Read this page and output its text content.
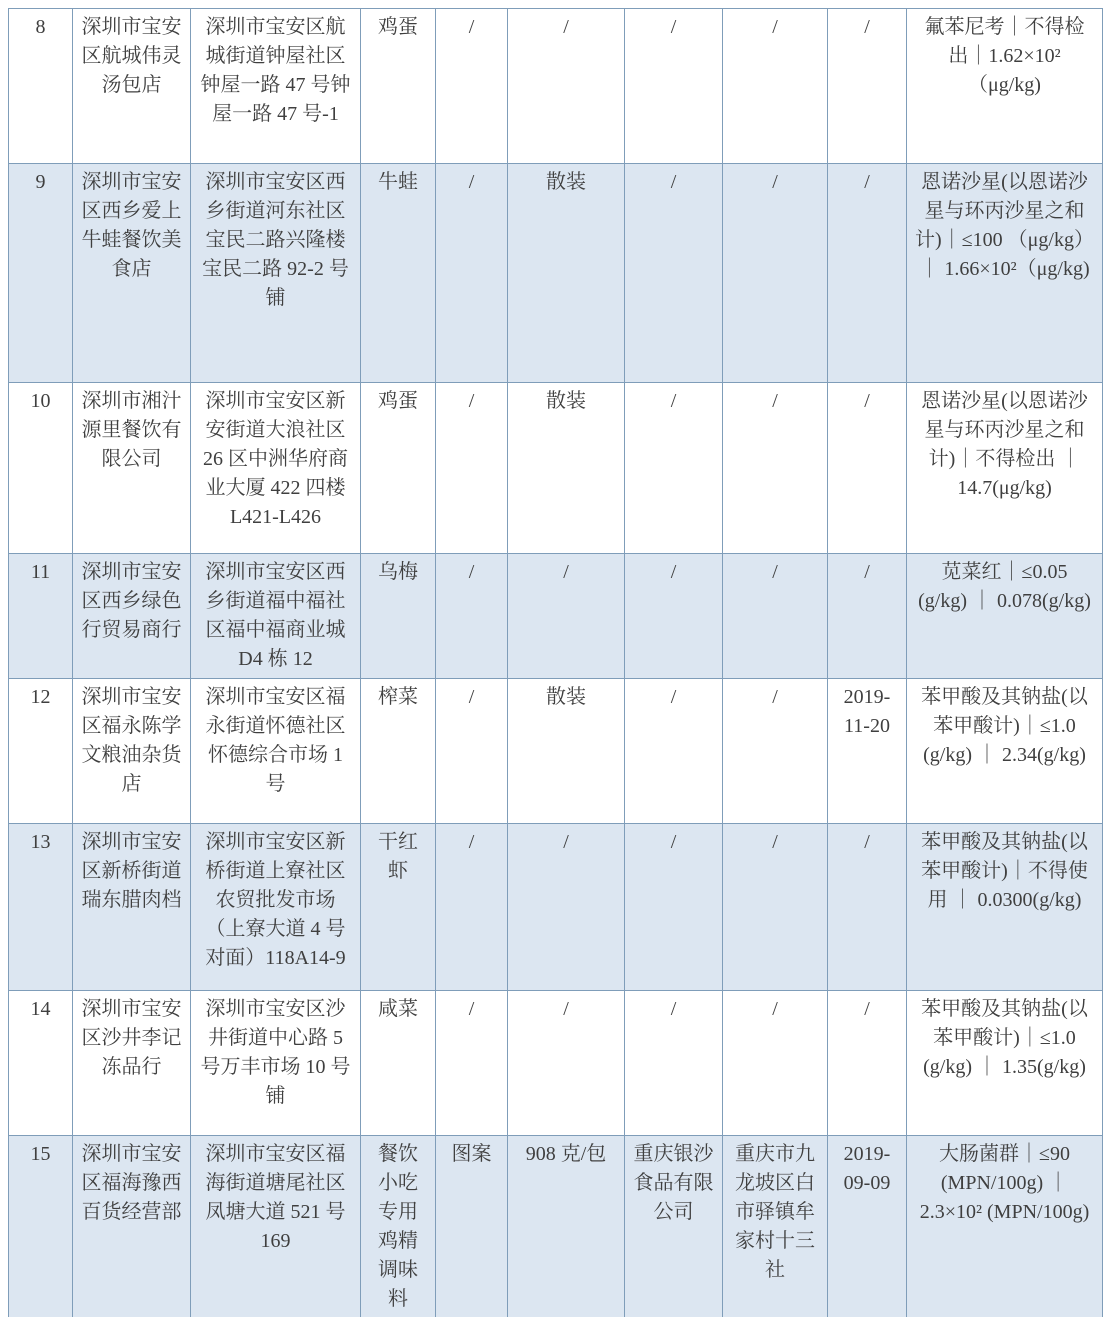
8	深圳市宝安区航城伟灵汤包店	深圳市宝安区航城街道钟屋社区钟屋一路 47 号钟屋一路 47 号-1	鸡蛋	/	/	/	/	/	氟苯尼考｜不得检出｜1.62×10²（μg/kg)
9	深圳市宝安区西乡爱上牛蛙餐饮美食店	深圳市宝安区西乡街道河东社区宝民二路兴隆楼宝民二路 92-2 号铺	牛蛙	/	散装	/	/	/	恩诺沙星(以恩诺沙星与环丙沙星之和计)｜≤100 （μg/kg） ｜ 1.66×10²（μg/kg)
10	深圳市湘汁源里餐饮有限公司	深圳市宝安区新安街道大浪社区 26 区中洲华府商业大厦 422 四楼 L421-L426	鸡蛋	/	散装	/	/	/	恩诺沙星(以恩诺沙星与环丙沙星之和计)｜不得检出 ｜14.7(μg/kg)
11	深圳市宝安区西乡绿色行贸易商行	深圳市宝安区西乡街道福中福社区福中福商业城 D4 栋 12	乌梅	/	/	/	/	/	苋菜红｜≤0.05 (g/kg) ｜ 0.078(g/kg)
12	深圳市宝安区福永陈学文粮油杂货店	深圳市宝安区福永街道怀德社区怀德综合市场 1 号	榨菜	/	散装	/	/	2019-11-20	苯甲酸及其钠盐(以苯甲酸计)｜≤1.0 (g/kg) ｜ 2.34(g/kg)
13	深圳市宝安区新桥街道瑞东腊肉档	深圳市宝安区新桥街道上寮社区农贸批发市场（上寮大道 4 号对面）118A14-9	干红虾	/	/	/	/	/	苯甲酸及其钠盐(以苯甲酸计)｜不得使用 ｜ 0.0300(g/kg)
14	深圳市宝安区沙井李记冻品行	深圳市宝安区沙井街道中心路 5 号万丰市场 10 号铺	咸菜	/	/	/	/	/	苯甲酸及其钠盐(以苯甲酸计)｜≤1.0 (g/kg) ｜ 1.35(g/kg)
15	深圳市宝安区福海豫西百货经营部	深圳市宝安区福海街道塘尾社区凤塘大道 521 号 169	餐饮小吃专用鸡精调味料	图案	908 克/包	重庆银沙食品有限公司	重庆市九龙坡区白市驿镇牟家村十三社	2019-09-09	大肠菌群｜≤90 (MPN/100g) ｜ 2.3×10² (MPN/100g)
